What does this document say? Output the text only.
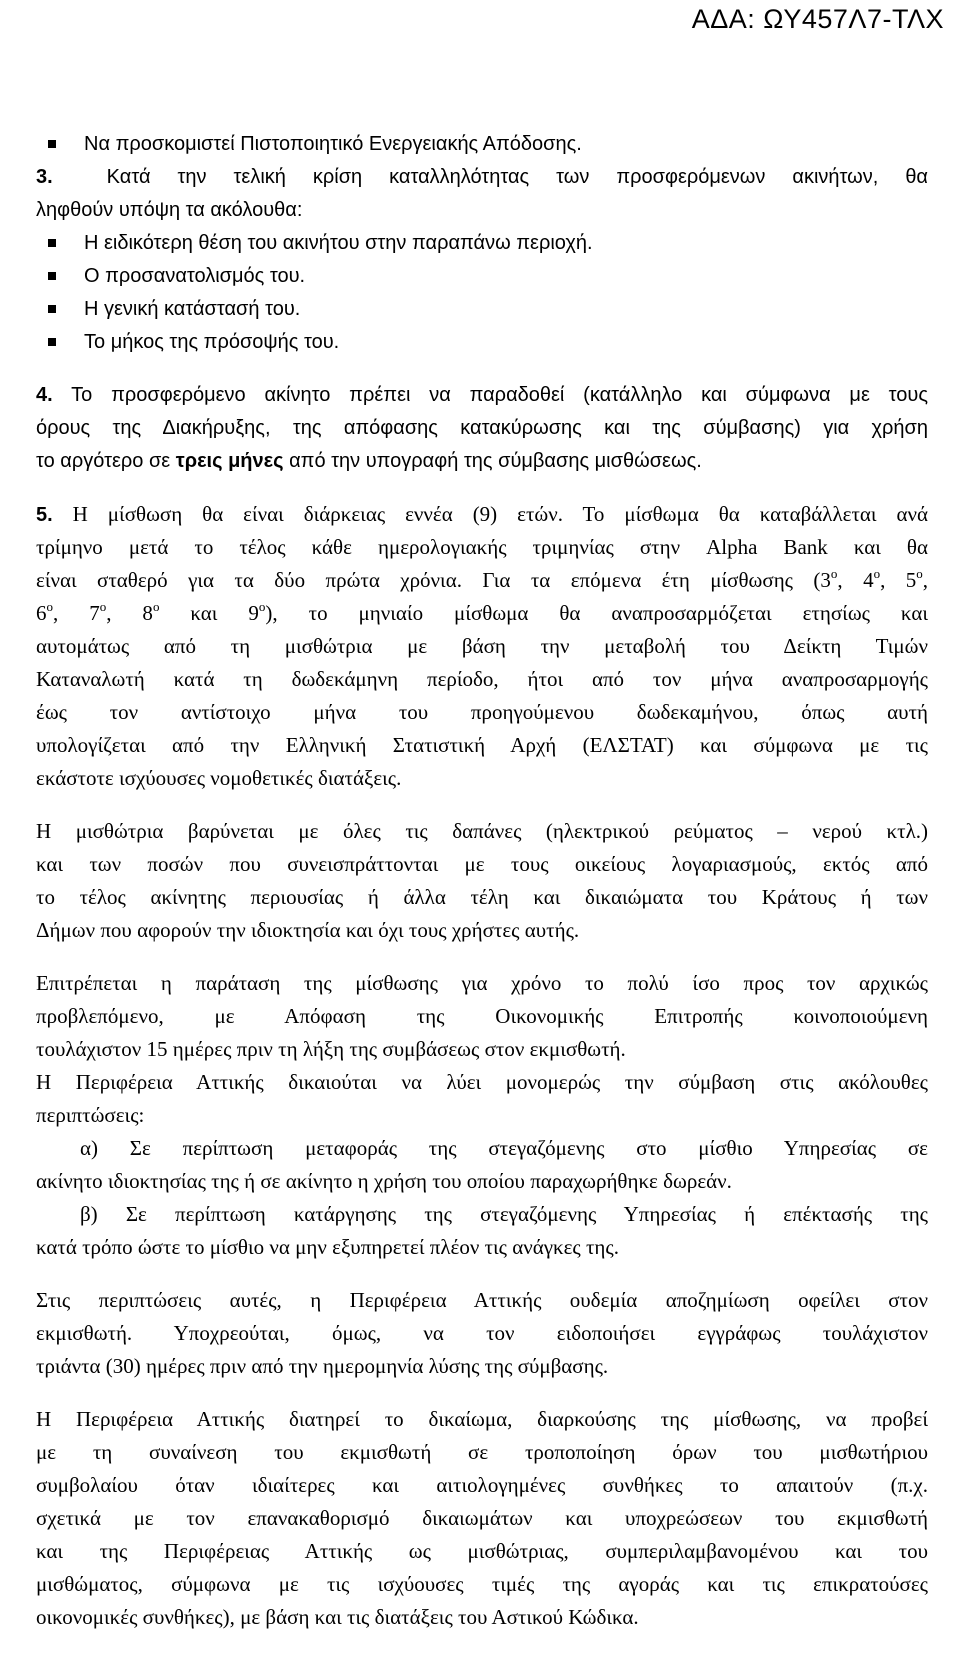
ΑΔΑ: ΩΥ457Λ7-ΤΛΧ
Να προσκομιστεί Πιστοποιητικό Ενεργειακής Απόδοσης.
3.	Κατά την τελική κρίση καταλληλότητας των προσφερόμενων ακινήτων, θα
ληφθούν υπόψη τα ακόλουθα:
Η ειδικότερη θέση του ακινήτου στην παραπάνω περιοχή.
Ο προσανατολισμός του.
Η γενική κατάστασή του.
Το μήκος της πρόσοψής του.
4. Το προσφερόμενο ακίνητο πρέπει να παραδοθεί (κατάλληλο και σύμφωνα με τους
όρους της Διακήρυξης, της απόφασης κατακύρωσης και της σύμβασης) για χρήση
το αργότερο σε τρεις μήνες από την υπογραφή της σύμβασης μισθώσεως.
5. Η μίσθωση θα είναι διάρκειας εννέα (9) ετών. Το μίσθωμα θα καταβάλλεται ανά
τρίμηνο μετά το τέλος κάθε ημερολογιακής τριμηνίας στην Alpha Bank και θα
είναι σταθερό για τα δύο πρώτα χρόνια. Για τα επόμενα έτη μίσθωσης ($3^o$, $4^o$, $5^o$,
$6^o$, $7^o$, $8^o$ και $9^o$), το μηνιαίο μίσθωμα θα αναπροσαρμόζεται ετησίως και
αυτομάτως από τη μισθώτρια με βάση την μεταβολή του Δείκτη Τιμών
Καταναλωτή κατά τη δωδεκάμηνη περίοδο, ήτοι από τον μήνα αναπροσαρμογής
έως τον αντίστοιχο μήνα του προηγούμενου δωδεκαμήνου, όπως αυτή
υπολογίζεται από την Ελληνική Στατιστική Αρχή (ΕΛΣΤΑΤ) και σύμφωνα με τις
εκάστοτε ισχύουσες νομοθετικές διατάξεις.
Η μισθώτρια βαρύνεται με όλες τις δαπάνες (ηλεκτρικού ρεύματος – νερού κτλ.)
και των ποσών που συνεισπράττονται με τους οικείους λογαριασμούς, εκτός από
το τέλος ακίνητης περιουσίας ή άλλα τέλη και δικαιώματα του Κράτους ή των
Δήμων που αφορούν την ιδιοκτησία και όχι τους χρήστες αυτής.
Επιτρέπεται η παράταση της μίσθωσης για χρόνο το πολύ ίσο προς τον αρχικώς
προβλεπόμενο, με Απόφαση της Οικονομικής Επιτροπής κοινοποιούμενη
τουλάχιστον 15 ημέρες πριν τη λήξη της συμβάσεως στον εκμισθωτή.
Η Περιφέρεια Αττικής δικαιούται να λύει μονομερώς την σύμβαση στις ακόλουθες
περιπτώσεις:
α) Σε περίπτωση μεταφοράς της στεγαζόμενης στο μίσθιο Υπηρεσίας σε
ακίνητο ιδιοκτησίας της ή σε ακίνητο η χρήση του οποίου παραχωρήθηκε δωρεάν.
β) Σε περίπτωση κατάργησης της στεγαζόμενης Υπηρεσίας ή επέκτασής της
κατά τρόπο ώστε το μίσθιο να μην εξυπηρετεί πλέον τις ανάγκες της.
Στις περιπτώσεις αυτές, η Περιφέρεια Αττικής ουδεμία αποζημίωση οφείλει στον
εκμισθωτή. Υποχρεούται, όμως, να τον ειδοποιήσει εγγράφως τουλάχιστον
τριάντα (30) ημέρες πριν από την ημερομηνία λύσης της σύμβασης.
Η Περιφέρεια Αττικής διατηρεί το δικαίωμα, διαρκούσης της μίσθωσης, να προβεί
με τη συναίνεση του εκμισθωτή σε τροποποίηση όρων του μισθωτήριου
συμβολαίου όταν ιδιαίτερες και αιτιολογημένες συνθήκες το απαιτούν (π.χ.
σχετικά με τον επανακαθορισμό δικαιωμάτων και υποχρεώσεων του εκμισθωτή
και της Περιφέρειας Αττικής ως μισθώτριας, συμπεριλαμβανομένου και του
μισθώματος, σύμφωνα με τις ισχύουσες τιμές της αγοράς και τις επικρατούσες
οικονομικές συνθήκες), με βάση και τις διατάξεις του Αστικού Κώδικα.
